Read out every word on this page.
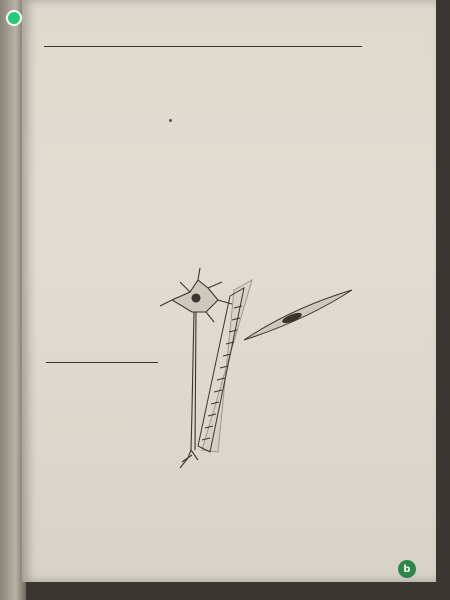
b
